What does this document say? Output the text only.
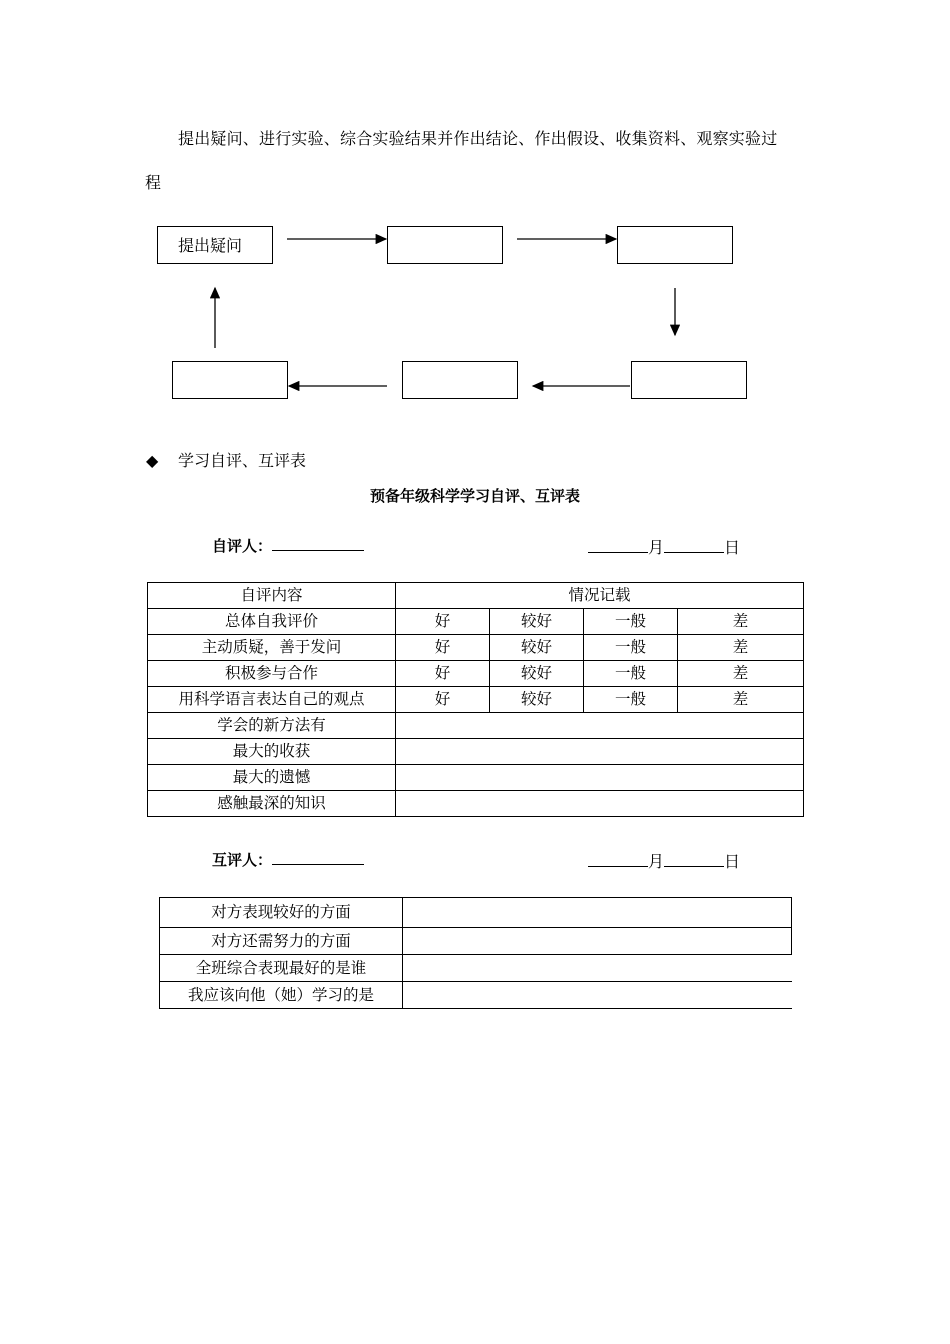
提出疑问、进行实验、综合实验结果并作出结论、作出假设、收集资料、观察实验过
程
提出疑问
◆ 学习自评、互评表
预备年级科学学习自评、互评表
自评人：	月	日
自评内容	情况记载			
总体自我评价	好	较好	一般	差
主动质疑，善于发问	好	较好	一般	差
积极参与合作	好	较好	一般	差
用科学语言表达自己的观点	好	较好	一般	差
学会的新方法有				
最大的收获				
最大的遗憾				
感触最深的知识				
互评人：	月	日
对方表现较好的方面	
对方还需努力的方面	
全班综合表现最好的是谁	
我应该向他（她）学习的是	
